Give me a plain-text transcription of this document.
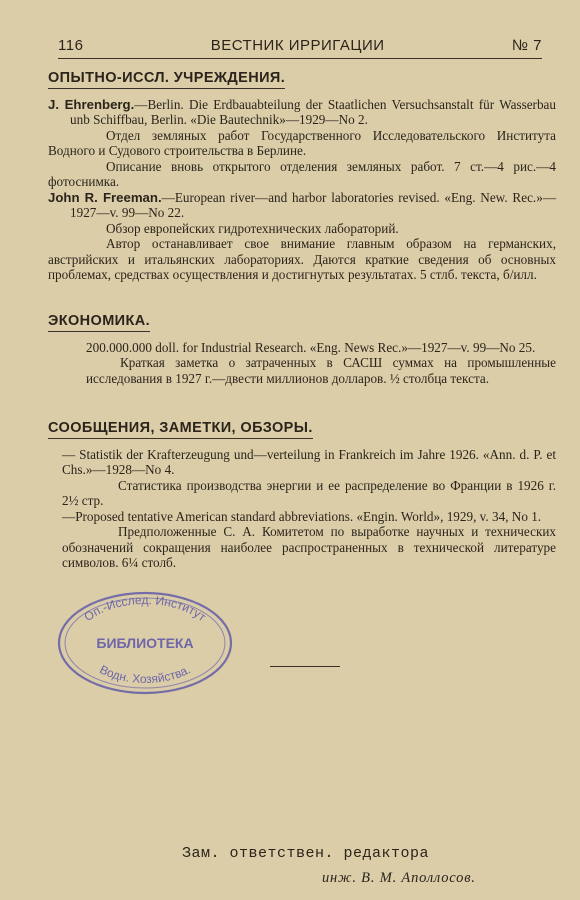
116	ВЕСТНИК ИРРИГАЦИИ	№ 7
ОПЫТНО-ИССЛ. УЧРЕЖДЕНИЯ.

J. Ehrenberg.—Berlin. Die Erdbauabteilung der Staatlichen Versuchsanstalt für Wasserbau unb Schiffbau, Berlin. «Die Bautechnik»—1929—No 2.

Отдел земляных работ Государственного Исследовательского Института Водного и Судового строительства в Берлине.

Описание вновь открытого отделения земляных работ. 7 ст.—4 рис.—4 фотоснимка.

John R. Freeman.—European river—and harbor laboratories revised. «Eng. New. Rec.»—1927—v. 99—No 22.

Обзор европейских гидротехнических лабораторий.

Автор останавливает свое внимание главным образом на германских, австрийских и итальянских лабораториях. Даются краткие сведения об основных проблемах, средствах осуществления и достигнутых результатах. 5 стлб. текста, б/илл.

ЭКОНОМИКА.

200.000.000 doll. for Industrial Research. «Eng. News Rec.»—1927—v. 99—No 25.

Краткая заметка о затраченных в САСШ суммах на промышленные исследования в 1927 г.—двести миллионов долларов. ½ столбца текста.

СООБЩЕНИЯ, ЗАМЕТКИ, ОБЗОРЫ.

— Statistik der Krafterzeugung und—verteilung in Frankreich im Jahre 1926. «Ann. d. P. et Chs.»—1928—No 4.

Статистика производства энергии и ее распределение во Франции в 1926 г. 2½ стр.

—Proposed tentative American standard abbreviations. «Engin. World», 1929, v. 34, No 1.

Предположенные С. А. Комитетом по выработке научных и технических обозначений сокращения наиболее распространенных в технической литературе символов. 6¼ столб.

Оп.-Исслед. Институт
БИБЛИОТЕКА
Водн. Хозяйства.
Зам. ответствен. редактора
инж. В. М. Аполлосов.
